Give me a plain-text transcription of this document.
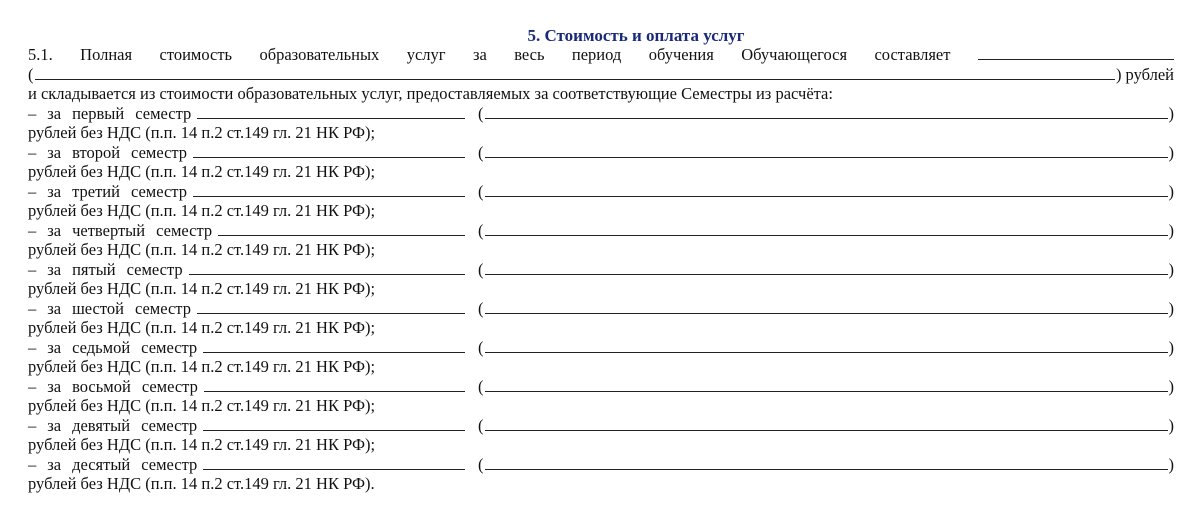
5. Стоимость и оплата услуг
5.1. Полная стоимость образовательных услуг за весь период обучения Обучающегося составляет
(	) рублей
и складывается из стоимости образовательных услуг, предоставляемых за соответствующие Семестры из расчёта:
– за первый семестр	(	)
рублей без НДС (п.п. 14 п.2 ст.149 гл. 21 НК РФ);
– за второй семестр	(	)
рублей без НДС (п.п. 14 п.2 ст.149 гл. 21 НК РФ);
– за третий семестр	(	)
рублей без НДС (п.п. 14 п.2 ст.149 гл. 21 НК РФ);
– за четвертый семестр	(	)
рублей без НДС (п.п. 14 п.2 ст.149 гл. 21 НК РФ);
– за пятый семестр	(	)
рублей без НДС (п.п. 14 п.2 ст.149 гл. 21 НК РФ);
– за шестой семестр	(	)
рублей без НДС (п.п. 14 п.2 ст.149 гл. 21 НК РФ);
– за седьмой семестр	(	)
рублей без НДС (п.п. 14 п.2 ст.149 гл. 21 НК РФ);
– за восьмой семестр	(	)
рублей без НДС (п.п. 14 п.2 ст.149 гл. 21 НК РФ);
– за девятый семестр	(	)
рублей без НДС (п.п. 14 п.2 ст.149 гл. 21 НК РФ);
– за десятый семестр	(	)
рублей без НДС (п.п. 14 п.2 ст.149 гл. 21 НК РФ).
